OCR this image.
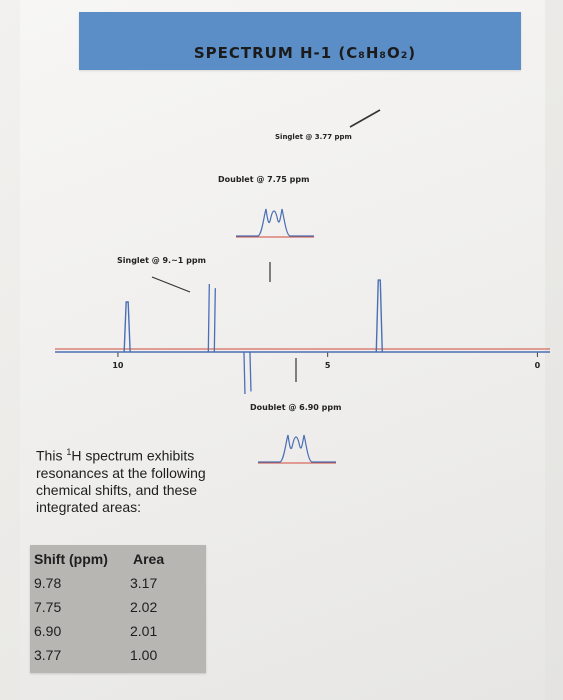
SPECTRUM H-1 (C₈H₈O₂)
10	5	0
Singlet @ 9.~1 ppm
Doublet @ 7.75 ppm
Doublet @ 6.90 ppm
Singlet @ 3.77 ppm
This $^1$H spectrum exhibits resonances at the following chemical shifts, and these integrated areas:
Shift (ppm) Area
9.78	3.17
7.75	2.02
6.90	2.01
3.77	1.00
